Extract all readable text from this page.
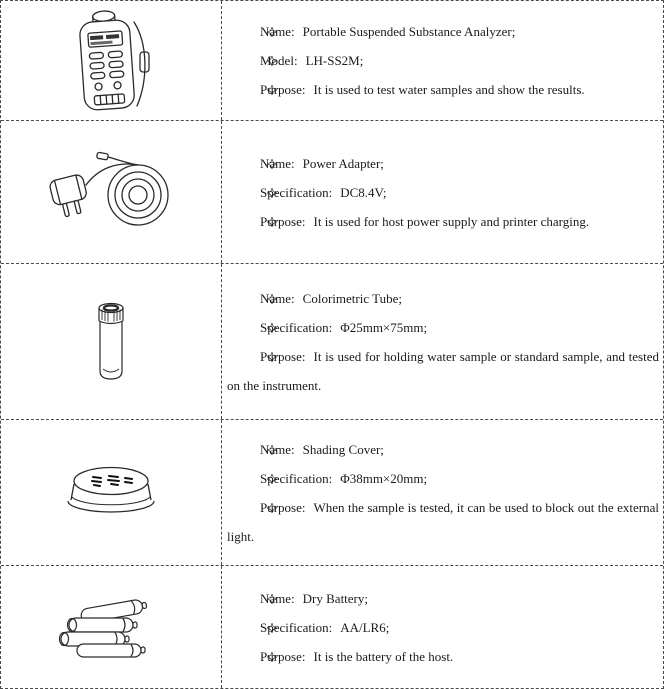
Name: Portable Suspended Substance Analyzer;

Model: LH-SS2M;

Purpose: It is used to test water samples and show the results.

Name: Power Adapter;

Specification: DC8.4V;

Purpose: It is used for host power supply and printer charging.

Name: Colorimetric Tube;

Specification: Φ25mm×75mm;

Purpose: It is used for holding water sample or standard sample, and tested on the instrument.

Name: Shading Cover;

Specification: Φ38mm×20mm;

Purpose: When the sample is tested, it can be used to block out the external light.

Name: Dry Battery;

Specification: AA/LR6;

Purpose: It is the battery of the host.
